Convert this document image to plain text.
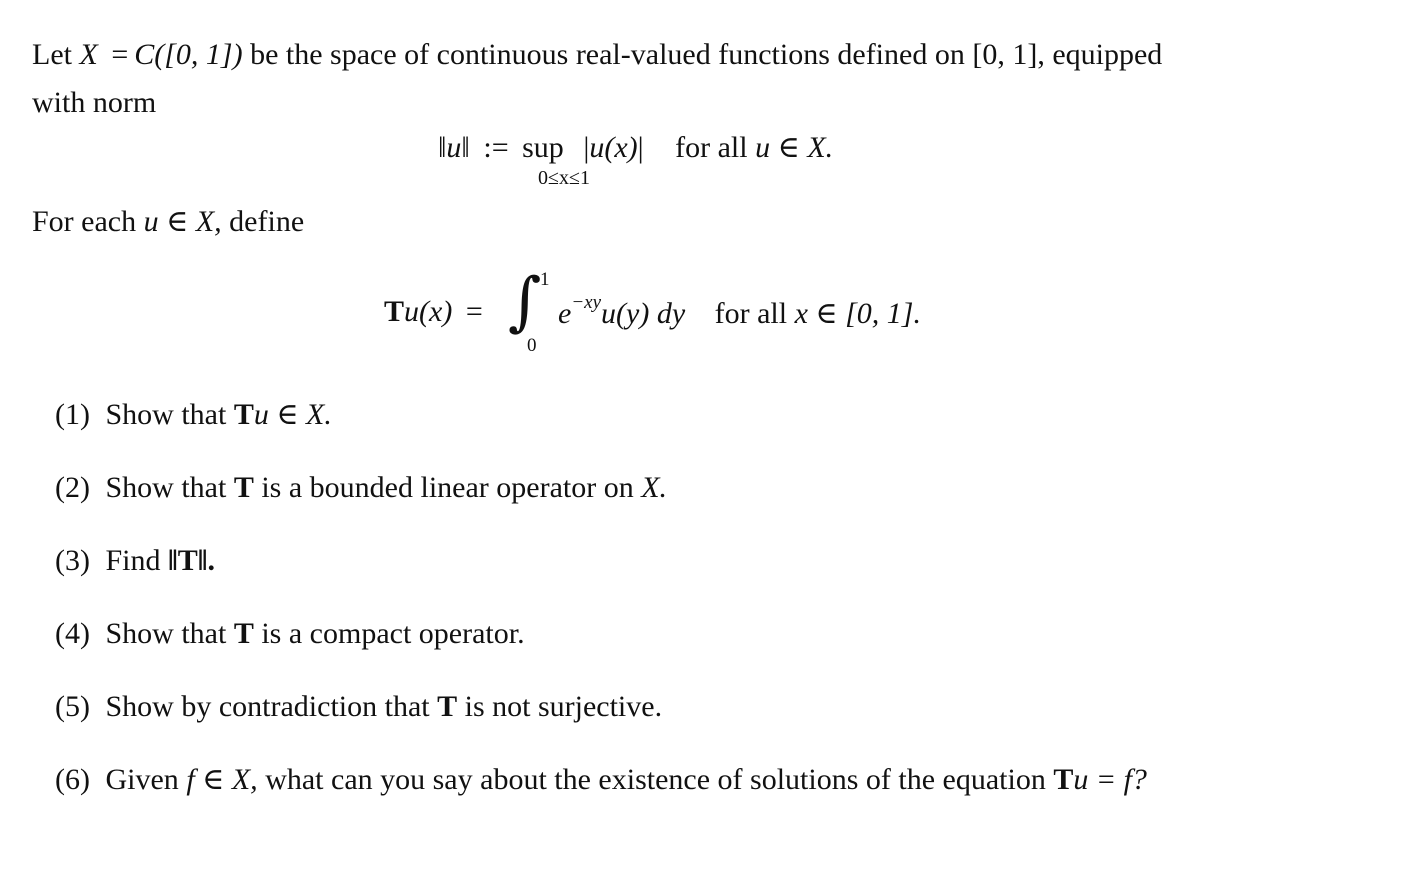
Let X = C([0, 1]) be the space of continuous real-valued functions defined on [0, 1], equipped
with norm
‖u‖ := sup |u(x)| for all u ∈ X.
0≤x≤1
For each u ∈ X, define
Tu(x) = ∫
1
0
$e^{-xy}u(y)$ dy for all x ∈ [0, 1].
(1) Show that Tu ∈ X.
(2) Show that T is a bounded linear operator on X.
(3) Find ‖T‖.
(4) Show that T is a compact operator.
(5) Show by contradiction that T is not surjective.
(6) Given f ∈ X, what can you say about the existence of solutions of the equation Tu = f?
